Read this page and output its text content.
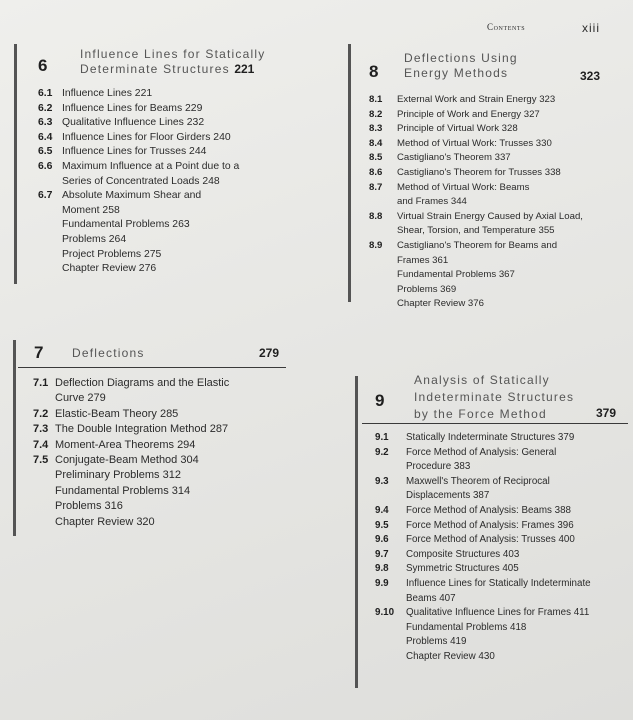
Contents	xiii
6
Influence Lines for Statically
Determinate Structures 221
6.1 Influence Lines 221
6.2 Influence Lines for Beams 229
6.3 Qualitative Influence Lines 232
6.4 Influence Lines for Floor Girders 240
6.5 Influence Lines for Trusses 244
6.6 Maximum Influence at a Point due to a
Series of Concentrated Loads 248
6.7 Absolute Maximum Shear and
Moment 258
Fundamental Problems 263
Problems 264
Project Problems 275
Chapter Review 276
8
Deflections Using
Energy Methods	323
8.1	External Work and Strain Energy 323
8.2	Principle of Work and Energy 327
8.3	Principle of Virtual Work 328
8.4	Method of Virtual Work: Trusses 330
8.5	Castigliano's Theorem 337
8.6	Castigliano's Theorem for Trusses 338
8.7	Method of Virtual Work: Beams
and Frames 344
8.8	Virtual Strain Energy Caused by Axial Load,
Shear, Torsion, and Temperature 355
8.9	Castigliano's Theorem for Beams and
Frames 361
Fundamental Problems 367
Problems 369
Chapter Review 376
7 Deflections	279
7.1 Deflection Diagrams and the Elastic
Curve 279
7.2 Elastic-Beam Theory 285
7.3 The Double Integration Method 287
7.4 Moment-Area Theorems 294
7.5 Conjugate-Beam Method 304
Preliminary Problems 312
Fundamental Problems 314
Problems 316
Chapter Review 320
9
Analysis of Statically
Indeterminate Structures
by the Force Method	379
9.1	Statically Indeterminate Structures 379
9.2	Force Method of Analysis: General
Procedure 383
9.3	Maxwell's Theorem of Reciprocal
Displacements 387
9.4	Force Method of Analysis: Beams 388
9.5	Force Method of Analysis: Frames 396
9.6	Force Method of Analysis: Trusses 400
9.7	Composite Structures 403
9.8	Symmetric Structures 405
9.9	Influence Lines for Statically Indeterminate
Beams 407
9.10	Qualitative Influence Lines for Frames 411
Fundamental Problems 418
Problems 419
Chapter Review 430
